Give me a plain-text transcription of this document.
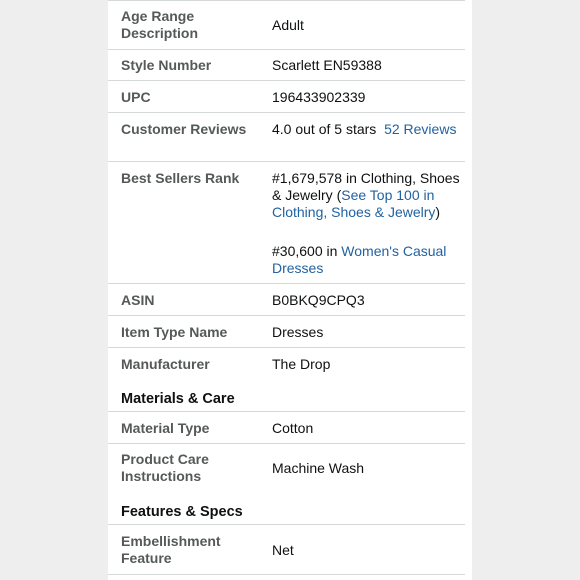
Age Range Description	Adult
Style Number	Scarlett EN59388
UPC	196433902339
Customer Reviews	4.0 out of 5 stars 52 Reviews
Best Sellers Rank	#1,679,578 in Clothing, Shoes & Jewelry (See Top 100 in Clothing, Shoes & Jewelry)
#30,600 in Women's Casual Dresses
ASIN	B0BKQ9CPQ3
Item Type Name	Dresses
Manufacturer	The Drop
Materials & Care
Material Type	Cotton
Product Care Instructions	Machine Wash
Features & Specs
Embellishment Feature	Net
